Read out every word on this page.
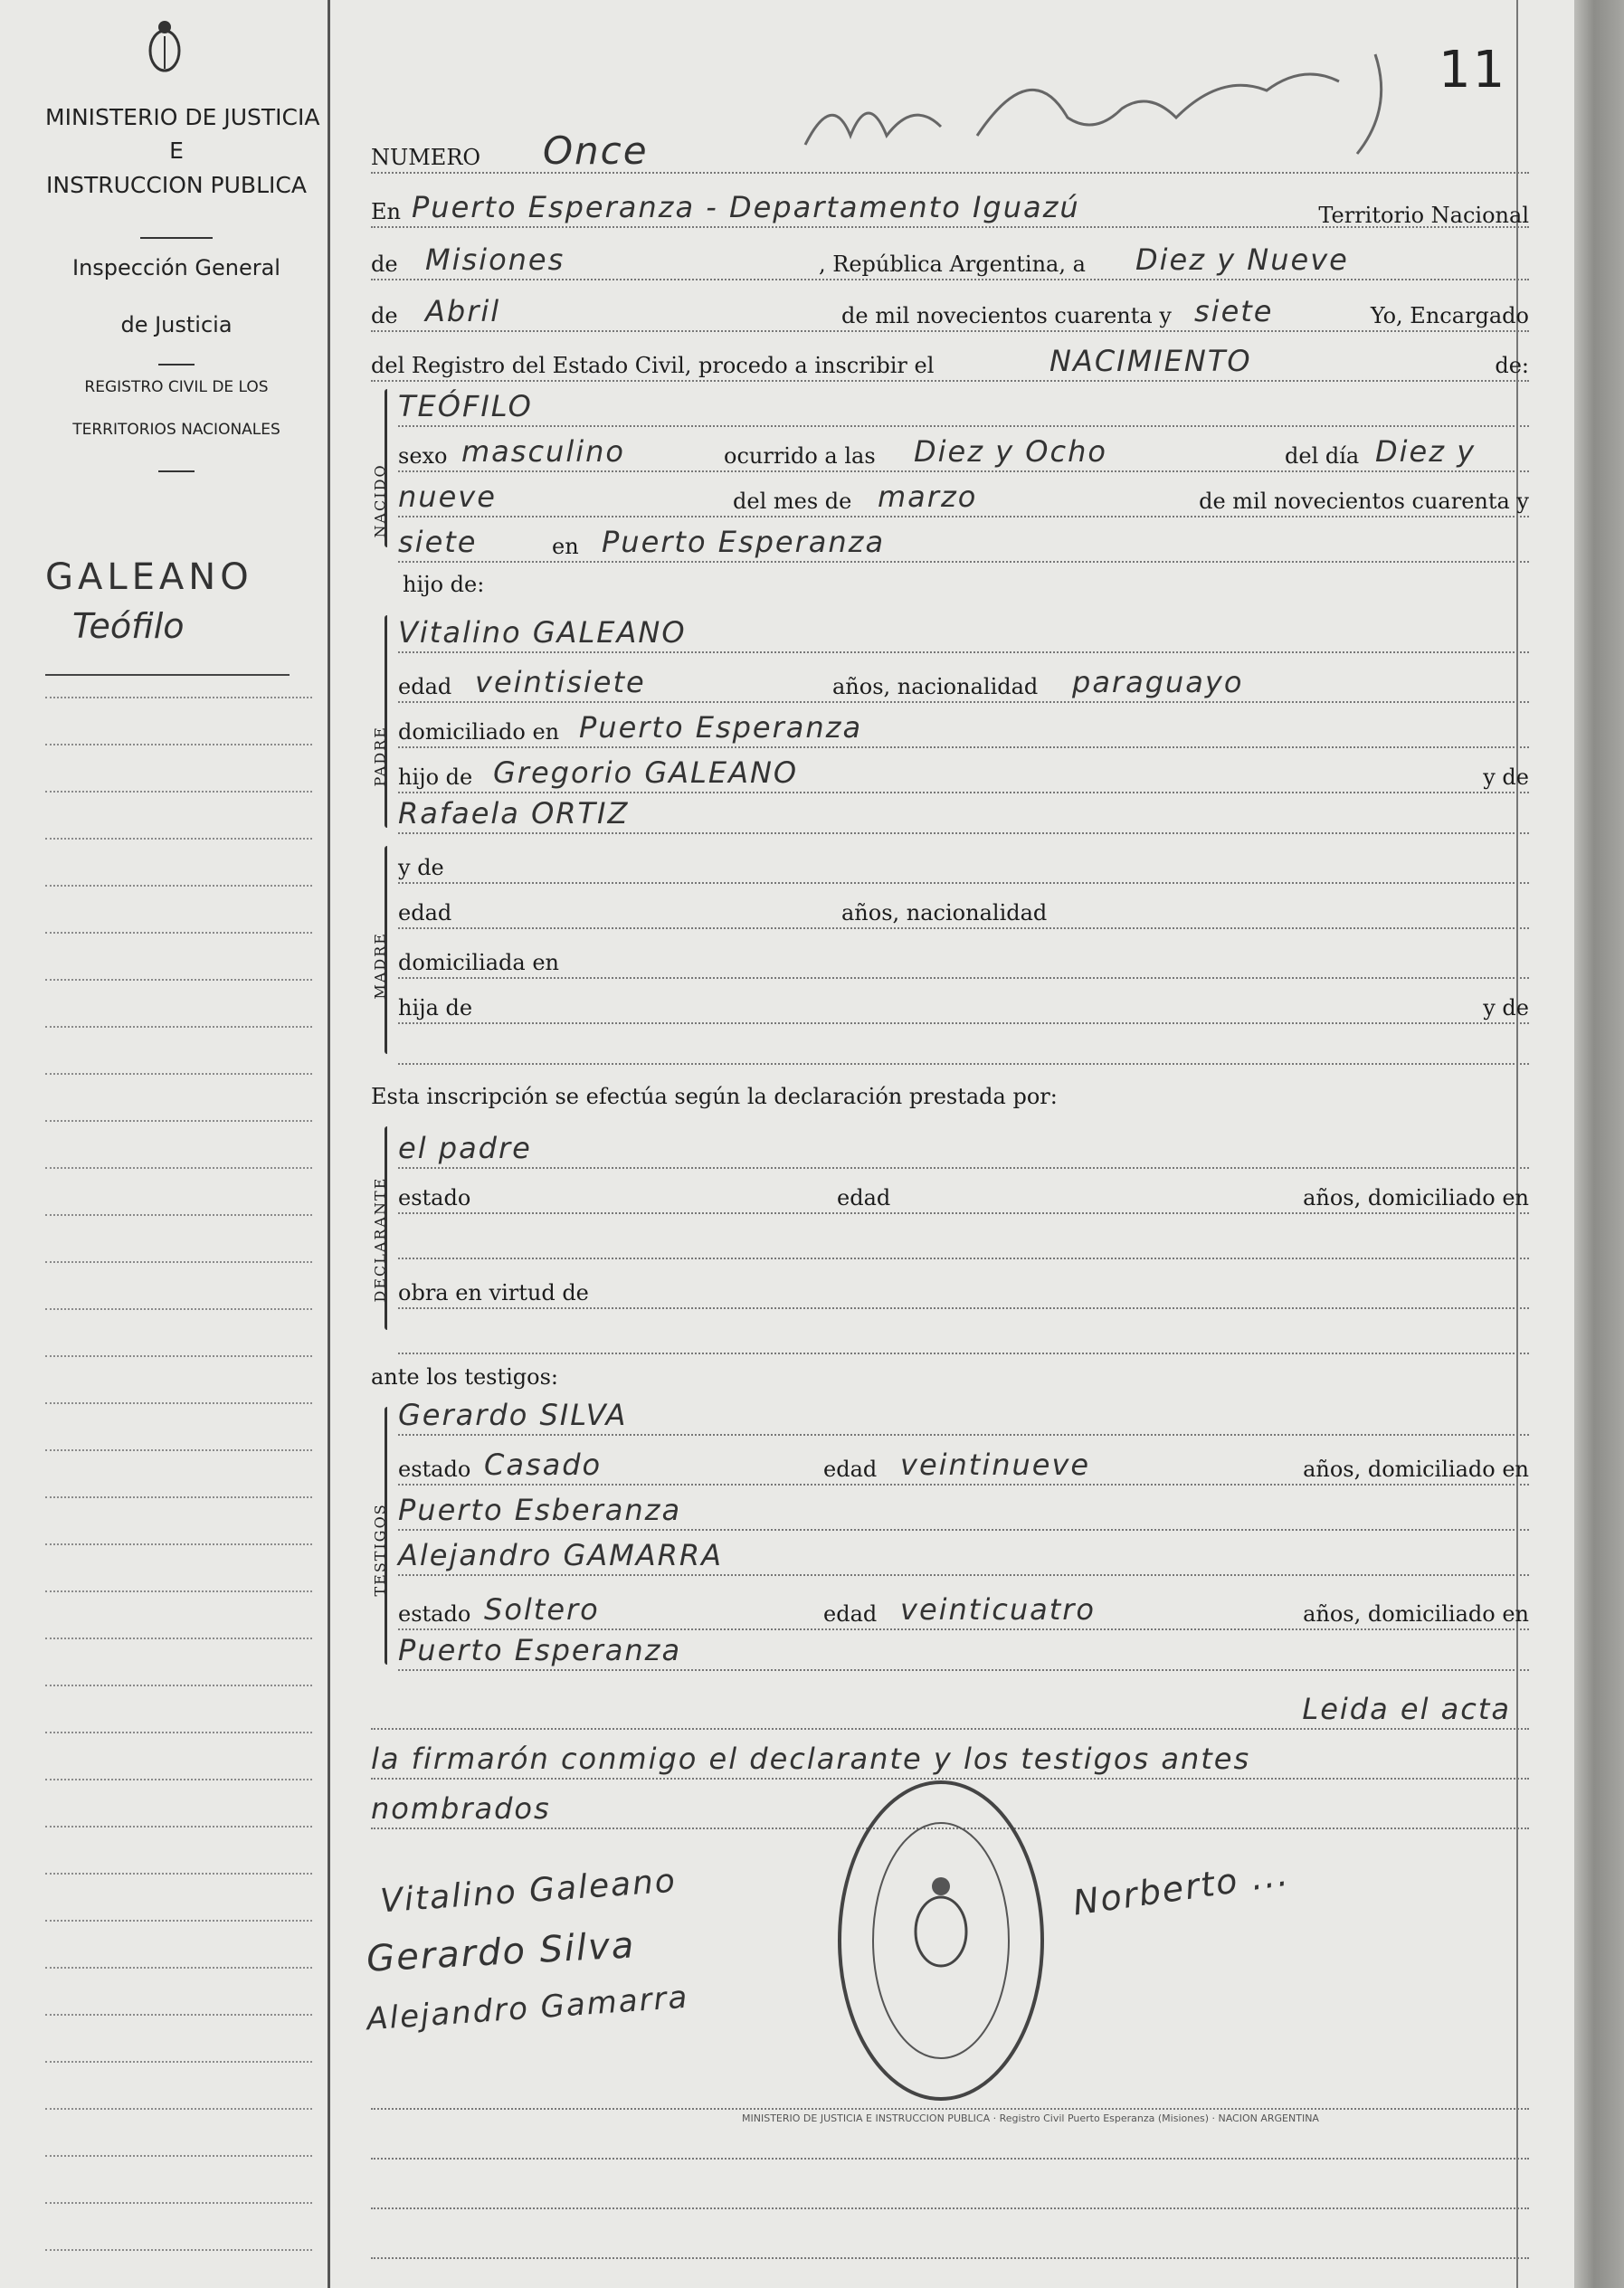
MINISTERIO DE JUSTICIA
E
INSTRUCCION PUBLICA
Inspección General
de Justicia
REGISTRO CIVIL DE LOS
TERRITORIOS NACIONALES
GALEANO
Teófilo
11
NUMERO Once
En Puerto Esperanza - Departamento Iguazú	Territorio Nacional
de Misiones	, República Argentina, a Diez y Nueve
de Abril	de mil novecientos cuarenta y siete	Yo, Encargado
del Registro del Estado Civil, procedo a inscribir el	NACIMIENTO	de:
NACIDO
TEÓFILO
sexo masculino	ocurrido a las Diez y Ocho	del día Diez y
nueve	del mes de marzo	de mil novecientos cuarenta y
siete	en Puerto Esperanza
hijo de:
PADRE
Vitalino GALEANO
edad veintisiete	años, nacionalidad paraguayo
domiciliado en Puerto Esperanza
hijo de Gregorio GALEANO	y de
Rafaela ORTIZ
MADRE
y de
edad	años, nacionalidad
domiciliada en
hija de	y de
Esta inscripción se efectúa según la declaración prestada por:
DECLARANTE
el padre
estado	edad	años, domiciliado en
obra en virtud de
ante los testigos:
TESTIGOS
Gerardo SILVA
estado Casado	edad veintinueve	años, domiciliado en
Puerto Esberanza
Alejandro GAMARRA
estado Soltero	edad veinticuatro	años, domiciliado en
Puerto Esperanza
Leida el acta
la firmarón conmigo el declarante y los testigos antes
nombrados
Vitalino Galeano
Gerardo Silva
Alejandro Gamarra
Norberto ...
MINISTERIO DE JUSTICIA E INSTRUCCION PUBLICA · Registro Civil Puerto Esperanza (Misiones) · NACION ARGENTINA
